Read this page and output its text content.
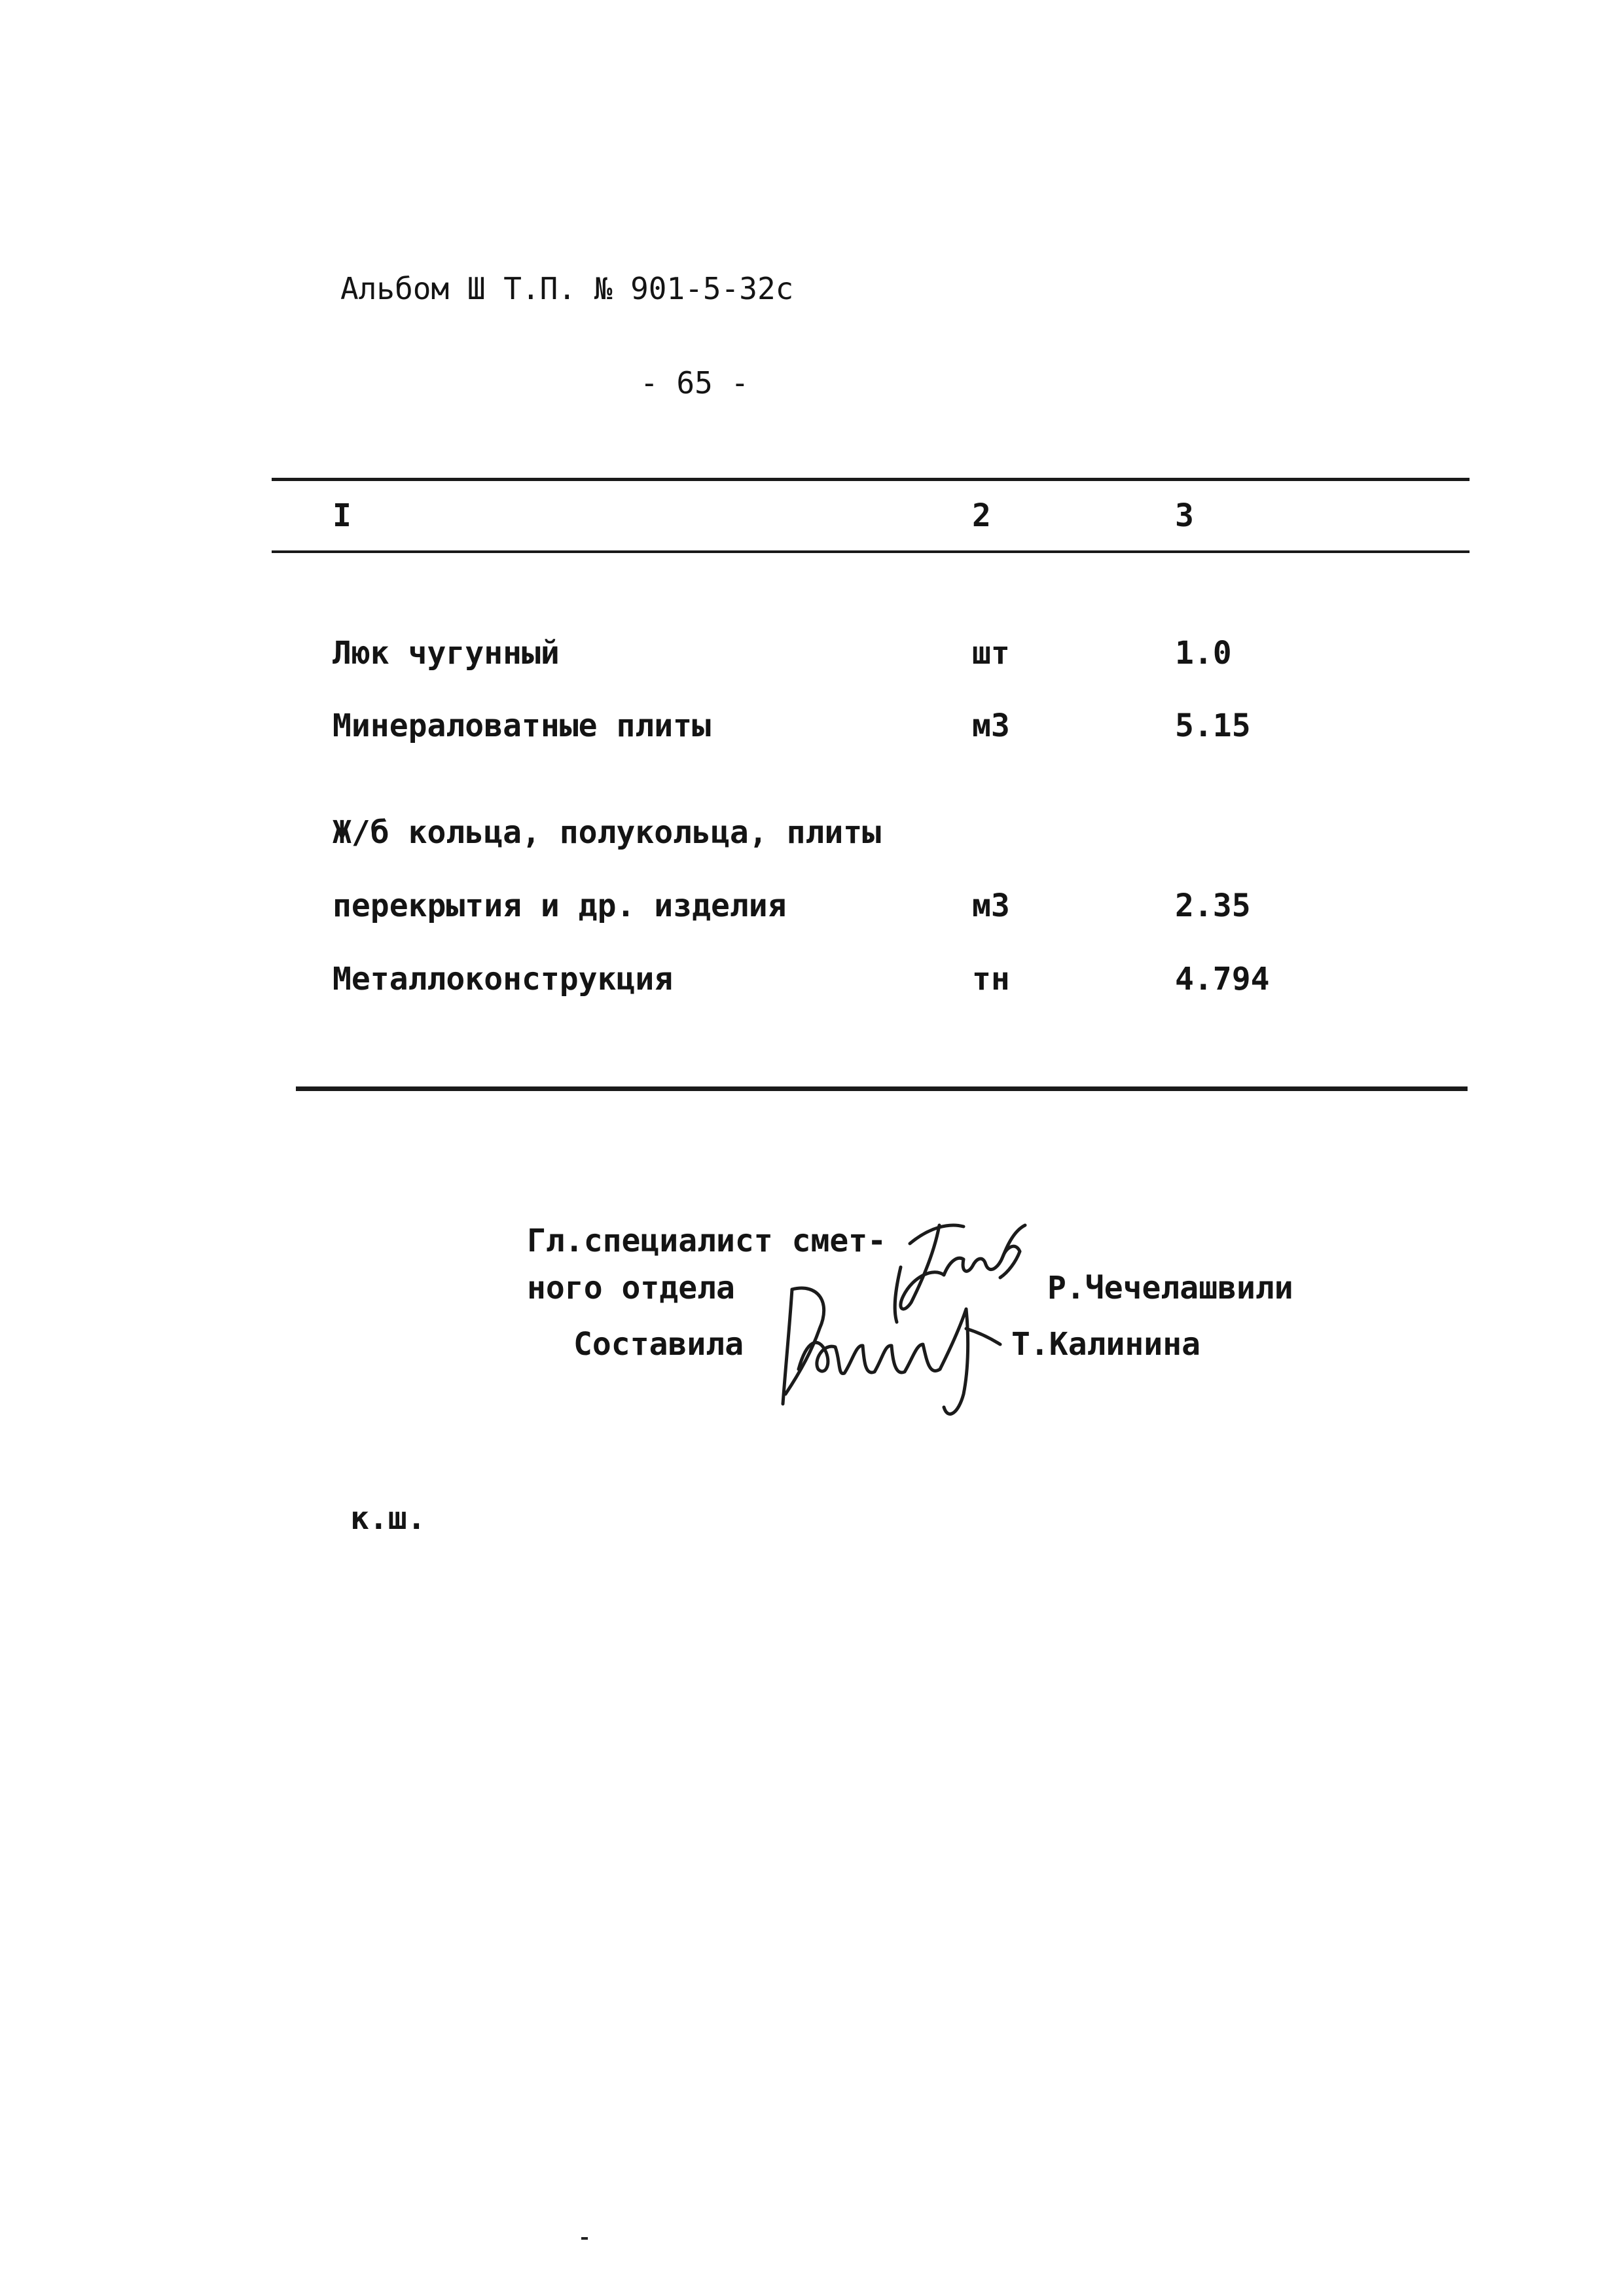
Альбом Ш Т.П. № 901-5-32с
- 65 -
I	2	3
Люк чугунный	шт	1.0
Минераловатные плиты	м3	5.15
Ж/б кольца, полукольца, плиты
перекрытия и др. изделия	м3	2.35
Металлоконструкция	тн	4.794
Гл.специалист смет-
ного отдела	Р.Чечелашвили
Составила	Т.Калинина
к.ш.
